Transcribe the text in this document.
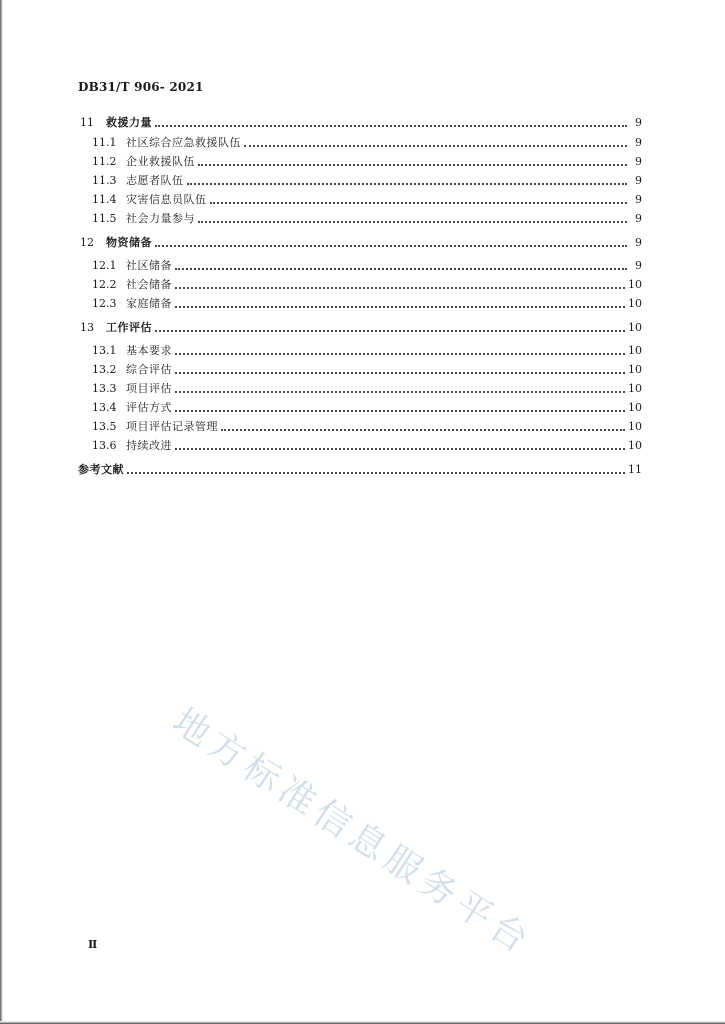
DB31/T 906- 2021
11	救援力量	9
11.1 社区综合应急救援队伍	9
11.2 企业救援队伍	9
11.3 志愿者队伍	9
11.4 灾害信息员队伍	9
11.5 社会力量参与	9
12	物资储备	9
12.1 社区储备	9
12.2 社会储备	10
12.3 家庭储备	10
13	工作评估	10
13.1 基本要求	10
13.2 综合评估	10
13.3 项目评估	10
13.4 评估方式	10
13.5 项目评估记录管理	10
13.6 持续改进	10
参考文献	11
地方标准信息服务平台
Ⅱ
